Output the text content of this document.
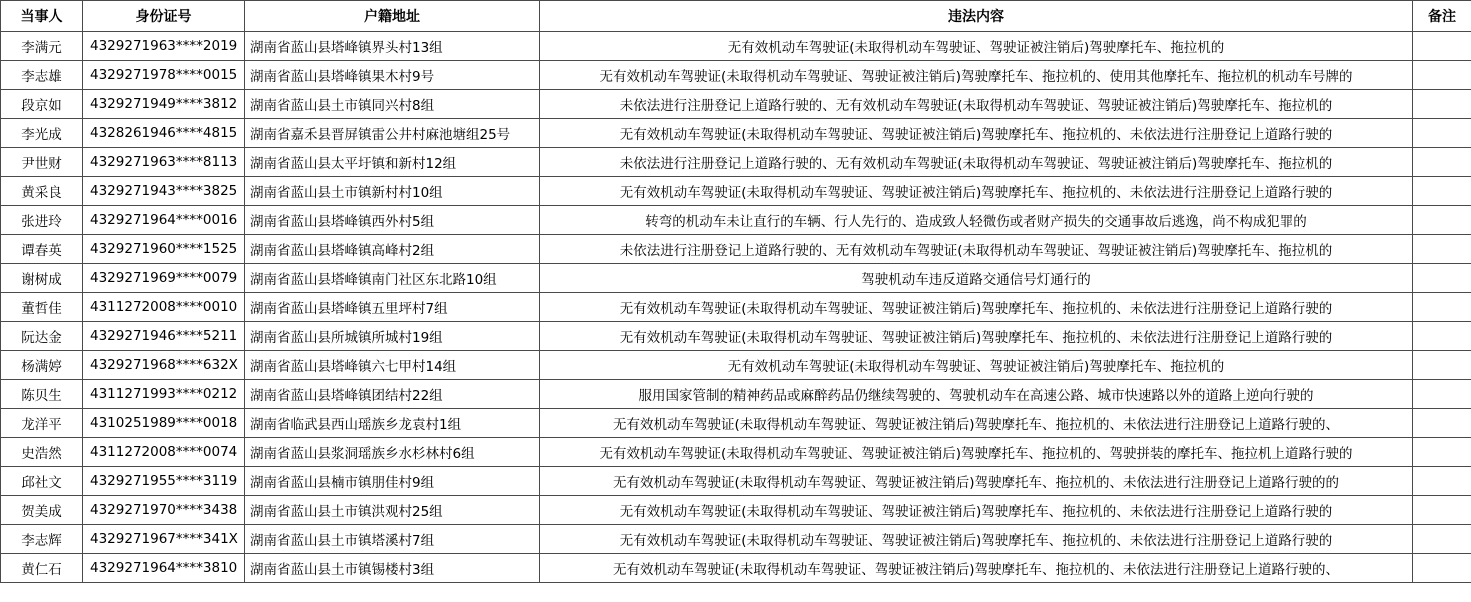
当事人	身份证号	户籍地址	违法内容	备注
李满元	4329271963****2019	湖南省蓝山县塔峰镇界头村13组	无有效机动车驾驶证(未取得机动车驾驶证、驾驶证被注销后)驾驶摩托车、拖拉机的	
李志雄	4329271978****0015	湖南省蓝山县塔峰镇果木村9号	无有效机动车驾驶证(未取得机动车驾驶证、驾驶证被注销后)驾驶摩托车、拖拉机的、使用其他摩托车、拖拉机的机动车号牌的	
段京如	4329271949****3812	湖南省蓝山县土市镇同兴村8组	未依法进行注册登记上道路行驶的、无有效机动车驾驶证(未取得机动车驾驶证、驾驶证被注销后)驾驶摩托车、拖拉机的	
李光成	4328261946****4815	湖南省嘉禾县晋屏镇雷公井村麻池塘组25号	无有效机动车驾驶证(未取得机动车驾驶证、驾驶证被注销后)驾驶摩托车、拖拉机的、未依法进行注册登记上道路行驶的	
尹世财	4329271963****8113	湖南省蓝山县太平圩镇和新村12组	未依法进行注册登记上道路行驶的、无有效机动车驾驶证(未取得机动车驾驶证、驾驶证被注销后)驾驶摩托车、拖拉机的	
黄采良	4329271943****3825	湖南省蓝山县土市镇新村村10组	无有效机动车驾驶证(未取得机动车驾驶证、驾驶证被注销后)驾驶摩托车、拖拉机的、未依法进行注册登记上道路行驶的	
张进玲	4329271964****0016	湖南省蓝山县塔峰镇西外村5组	转弯的机动车未让直行的车辆、行人先行的、造成致人轻微伤或者财产损失的交通事故后逃逸，尚不构成犯罪的	
谭春英	4329271960****1525	湖南省蓝山县塔峰镇高峰村2组	未依法进行注册登记上道路行驶的、无有效机动车驾驶证(未取得机动车驾驶证、驾驶证被注销后)驾驶摩托车、拖拉机的	
谢树成	4329271969****0079	湖南省蓝山县塔峰镇南门社区东北路10组	驾驶机动车违反道路交通信号灯通行的	
董哲佳	4311272008****0010	湖南省蓝山县塔峰镇五里坪村7组	无有效机动车驾驶证(未取得机动车驾驶证、驾驶证被注销后)驾驶摩托车、拖拉机的、未依法进行注册登记上道路行驶的	
阮达金	4329271946****5211	湖南省蓝山县所城镇所城村19组	无有效机动车驾驶证(未取得机动车驾驶证、驾驶证被注销后)驾驶摩托车、拖拉机的、未依法进行注册登记上道路行驶的	
杨满婷	4329271968****632X	湖南省蓝山县塔峰镇六七甲村14组	无有效机动车驾驶证(未取得机动车驾驶证、驾驶证被注销后)驾驶摩托车、拖拉机的	
陈贝生	4311271993****0212	湖南省蓝山县塔峰镇团结村22组	服用国家管制的精神药品或麻醉药品仍继续驾驶的、驾驶机动车在高速公路、城市快速路以外的道路上逆向行驶的	
龙洋平	4310251989****0018	湖南省临武县西山瑶族乡龙袁村1组	无有效机动车驾驶证(未取得机动车驾驶证、驾驶证被注销后)驾驶摩托车、拖拉机的、未依法进行注册登记上道路行驶的、	
史浩然	4311272008****0074	湖南省蓝山县浆洞瑶族乡水杉林村6组	无有效机动车驾驶证(未取得机动车驾驶证、驾驶证被注销后)驾驶摩托车、拖拉机的、驾驶拼装的摩托车、拖拉机上道路行驶的	
邱社文	4329271955****3119	湖南省蓝山县楠市镇朋佳村9组	无有效机动车驾驶证(未取得机动车驾驶证、驾驶证被注销后)驾驶摩托车、拖拉机的、未依法进行注册登记上道路行驶的的	
贺美成	4329271970****3438	湖南省蓝山县土市镇洪观村25组	无有效机动车驾驶证(未取得机动车驾驶证、驾驶证被注销后)驾驶摩托车、拖拉机的、未依法进行注册登记上道路行驶的	
李志辉	4329271967****341X	湖南省蓝山县土市镇塔溪村7组	无有效机动车驾驶证(未取得机动车驾驶证、驾驶证被注销后)驾驶摩托车、拖拉机的、未依法进行注册登记上道路行驶的	
黄仁石	4329271964****3810	湖南省蓝山县土市镇锡楼村3组	无有效机动车驾驶证(未取得机动车驾驶证、驾驶证被注销后)驾驶摩托车、拖拉机的、未依法进行注册登记上道路行驶的、	
